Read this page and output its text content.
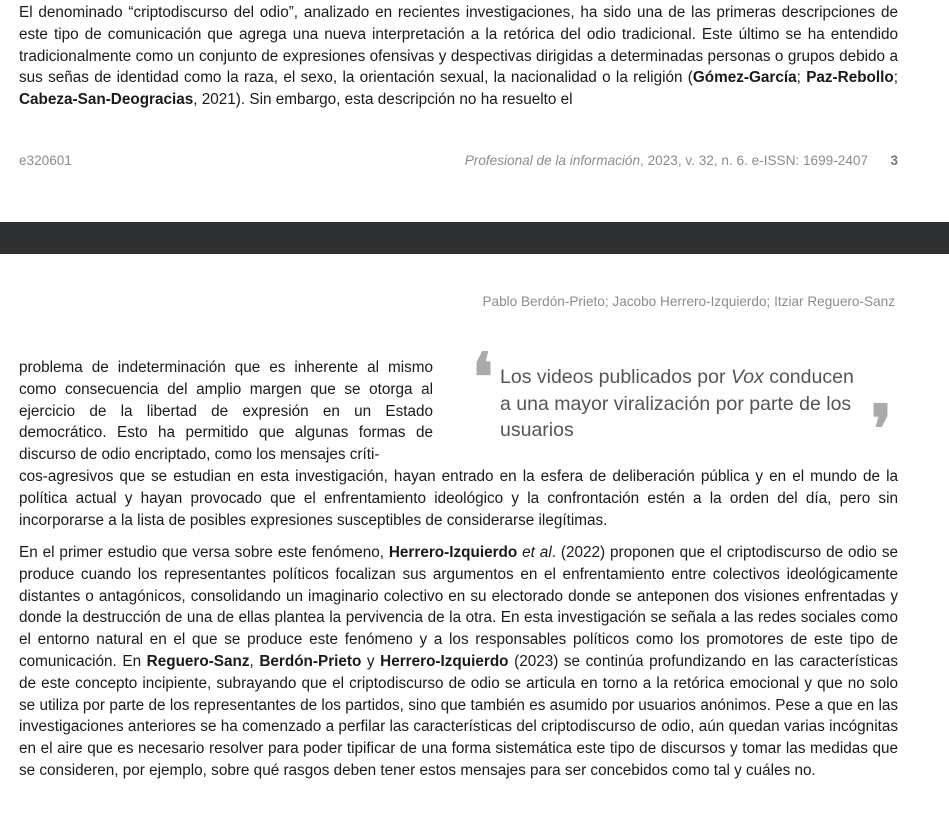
El denominado “criptodiscurso del odio”, analizado en recientes investigaciones, ha sido una de las primeras descripciones de este tipo de comunicación que agrega una nueva interpretación a la retórica del odio tradicional. Este último se ha entendido tradicionalmente como un conjunto de expresiones ofensivas y despectivas dirigidas a determinadas personas o grupos debido a sus señas de identidad como la raza, el sexo, la orientación sexual, la nacionalidad o la religión (Gómez-García; Paz-Rebollo; Cabeza-San-Deogracias, 2021). Sin embargo, esta descripción no ha resuelto el
e320601	Profesional de la información, 2023, v. 32, n. 6. e-ISSN: 1699-2407 3
Pablo Berdón-Prieto; Jacobo Herrero-Izquierdo; Itziar Reguero-Sanz
problema de indeterminación que es inherente al mismo como consecuencia del amplio margen que se otorga al ejercicio de la libertad de expresión en un Estado democrático. Esto ha permitido que algunas formas de discurso de odio encriptado, como los mensajes críti-
❛ Los videos publicados por Vox conducen a una mayor viralización por parte de los usuarios	❜
cos-agresivos que se estudian en esta investigación, hayan entrado en la esfera de deliberación pública y en el mundo de la política actual y hayan provocado que el enfrentamiento ideológico y la confrontación estén a la orden del día, pero sin incorporarse a la lista de posibles expresiones susceptibles de considerarse ilegítimas.
En el primer estudio que versa sobre este fenómeno, Herrero-Izquierdo et al. (2022) proponen que el criptodiscurso de odio se produce cuando los representantes políticos focalizan sus argumentos en el enfrentamiento entre colectivos ideológicamente distantes o antagónicos, consolidando un imaginario colectivo en su electorado donde se anteponen dos visiones enfrentadas y donde la destrucción de una de ellas plantea la pervivencia de la otra. En esta investigación se señala a las redes sociales como el entorno natural en el que se produce este fenómeno y a los responsables políticos como los promotores de este tipo de comunicación. En Reguero-Sanz, Berdón-Prieto y Herrero-Izquierdo (2023) se continúa profundizando en las características de este concepto incipiente, subrayando que el criptodiscurso de odio se articula en torno a la retórica emocional y que no solo se utiliza por parte de los representantes de los partidos, sino que también es asumido por usuarios anónimos. Pese a que en las investigaciones anteriores se ha comenzado a perfilar las características del criptodiscurso de odio, aún quedan varias incógnitas en el aire que es necesario resolver para poder tipificar de una forma sistemática este tipo de discursos y tomar las medidas que se consideren, por ejemplo, sobre qué rasgos deben tener estos mensajes para ser concebidos como tal y cuáles no.
